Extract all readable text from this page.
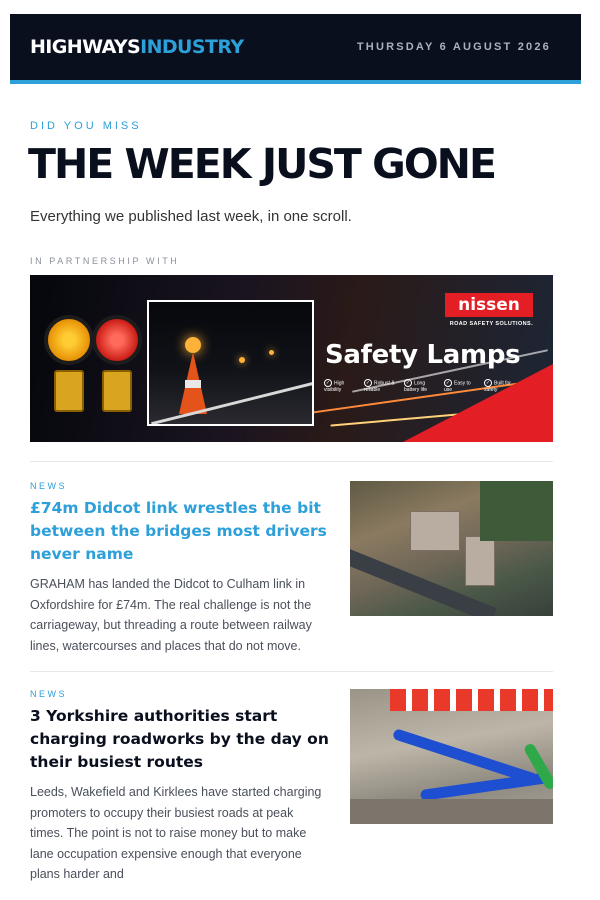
HIGHWAYSINDUSTRY	THURSDAY 6 AUGUST 2026
DID YOU MISS
THE WEEK JUST GONE
Everything we published last week, in one scroll.
IN PARTNERSHIP WITH
nissen
ROAD SAFETY SOLUTIONS.
Safety Lamps
✓ High visibility
✓ Robust & reliable
✓ Long battery life
✓ Easy to use
✓ Built for safety
NEWS
£74m Didcot link wrestles the bit between the bridges most drivers never name
GRAHAM has landed the Didcot to Culham link in Oxfordshire for £74m. The real challenge is not the carriageway, but threading a route between railway lines, watercourses and places that do not move.
NEWS
3 Yorkshire authorities start charging roadworks by the day on their busiest routes
Leeds, Wakefield and Kirklees have started charging promoters to occupy their busiest roads at peak times. The point is not to raise money but to make lane occupation expensive enough that everyone plans harder and
